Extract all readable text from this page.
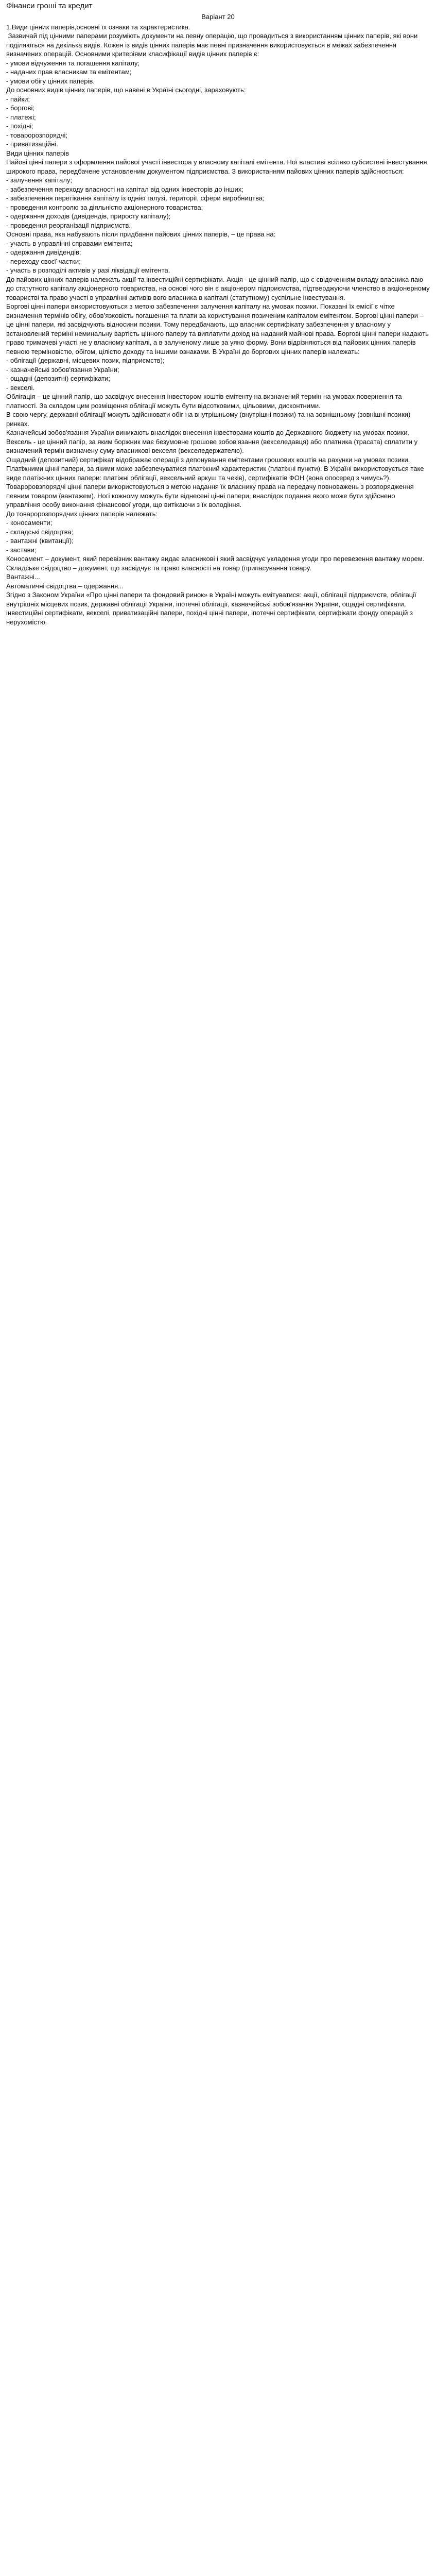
Фінанси грошi та кредит

Варіант 20

1.Види цінних паперів,основні їх ознаки та характеристика.
Зазвичай під цінними паперами розуміють документи на певну операцію, що провадиться з використанням цінних паперів, які вони поділяються на декілька видів. Кожен із видів цінних паперів має певні призначення використовується в межах забезпечення визначених операцій. Основними критеріями класифікації видів цінних паперів є:
- умови відчуження та погашення капіталу;
- наданих прав власникам та емітентам;
- умови обігу цінних паперів.
До основних видів цінних паперів, що навені в Україні сьогодні, зараховують:
- пайки;
- боргові;
- платежі;
- похідні;
- товаророзпорядчі;
- приватизаційні.
Види цінних паперів
Пайові цінні папери з оформлення пайової участі інвестора у власному капіталі емітента. Ної властиві всіляко субсистені інвестування широкого права, передбачене установленим документом підприємства. З використанням пайових цінних паперів здійснюється:
- залучення капіталу;
- забезпечення переходу власності на капітал від одних інвесторів до інших;
- забезпечення перетікання капіталу із однієї галузі, території, сфери виробництва;
- проведення контролю за діяльністю акціонерного товариства;
- одержання доходів (дивідендів, приросту капіталу);
- проведення реорганізації підприємств.
Основні права, яка набувають після придбання пайових цінних паперів, – це права на:
- участь в управлінні справами емітента;
- одержання дивідендів;
- переходу своєї частки;
- участь в розподілі активів у разі ліквідації емітента.
До пайових цінних паперів належать акції та інвестиційні сертифікати. Акція - це цінний папір, що є свідоченням вкладу власника паю до статутного капіталу акціонерного товариства, на основі чого він є акціонером підприємства, підтверджуючи членство в акціонерному товаристві та право участі в управлінні активів вого власника в капіталі (статутному) суспільне інвестування.
Боргові цінні папери використовуються з метою забезпечення залучення капіталу на умовах позики. Показані їх емісії є чітке визначення термінів обігу, обов’язковість погашення та плати за користування позиченим капіталом емітентом. Боргові цінні папери – це цінні папери, які засвідчують відносини позики. Тому передбачають, що власник сертифікату забезпечення у власному у встановлений терміні неминальну вартість цінного паперу та виплатити доход на наданий майнові права. Боргові цінні папери надають право тримачеві участі не у власному капіталі, а в залученому лише за уяно форму. Вони відрізняються від пайових цінних паперів певною терміновістю, обігом, цілістю доходу та іншими ознаками. В Україні до боргових цінних паперів належать:
- облігації (державні, місцевих позик, підприємств);
- казначейські зобов'язання України;
- ощадні (депозитні) сертифікати;
- векселі.
Облігація – це цінний папір, що засвідчує внесення інвестором коштів емітенту на визначений термін на умовах повернення та платності. За складом цим розміщення облігації можуть бути відсотковими, цільовими, дисконтними.
В свою чергу, державні облігації можуть здійснювати обіг на внутрішньому (внутрішні позики) та на зовнішньому (зовнішні позики) ринках.
Казначейські зобов'язання України виникають внаслідок внесення інвесторами коштів до Державного бюджету на умовах позики.
Вексель - це цінний папір, за яким боржник має безумовне грошове зобов'язання (векселедавця) або платника (трасата) сплатити у визначений термін визначену суму власникові векселя (векселедержателю).
Ощадний (депозитний) сертифікат відображає операції з депонування емітентами грошових коштів на рахунки на умовах позики.
Платіжними цінні папери, за якими може забезпечуватися платіжний характеристик (платіжні пункти). В Україні використовується таке виде платіжних цінних папери: платіжні облігації, вексельний аркуш та чеків), сертифікатів ФОН (вона опосеред з чимусь?).
Товароровзпорядчі цінні папери використовуються з метою надання їх власнику права на передачу повноважень з розпорядження певним товаром (вантажем). Ногі кожному можуть бути віднесені цінні папери, внаслідок подання якого може бути здійснено управління особу виконання фінансової угоди, що витікаючи з їх володіння.
До товаророзпорядчих цінних паперів належать:
- коносаменти;
- складські свідоцтва;
- вантажні (квитанції);
- застави;
Коносамент – документ, який перевізник вантажу видає власникові і який засвідчує укладення угоди про перевезення вантажу морем. Складське свідоцтво – документ, що засвідчує та право власності на товар (припасування товару.
Вантажні...
Автоматичні свідоцтва – одержання...

Згідно з Законом України «Про цінні папери та фондовий ринок» в Україні можуть емітуватися: акції, облігації підприємств, облігації внутрішніх місцевих позик, державні облігації України, іпотечні облігації, казначейські зобов'язання України, ощадні сертифікати, інвестиційні сертифікати, векселі, приватизаційні папери, похідні цінні папери, іпотечні сертифікати, сертифікати фонду операцій з нерухомістю.
